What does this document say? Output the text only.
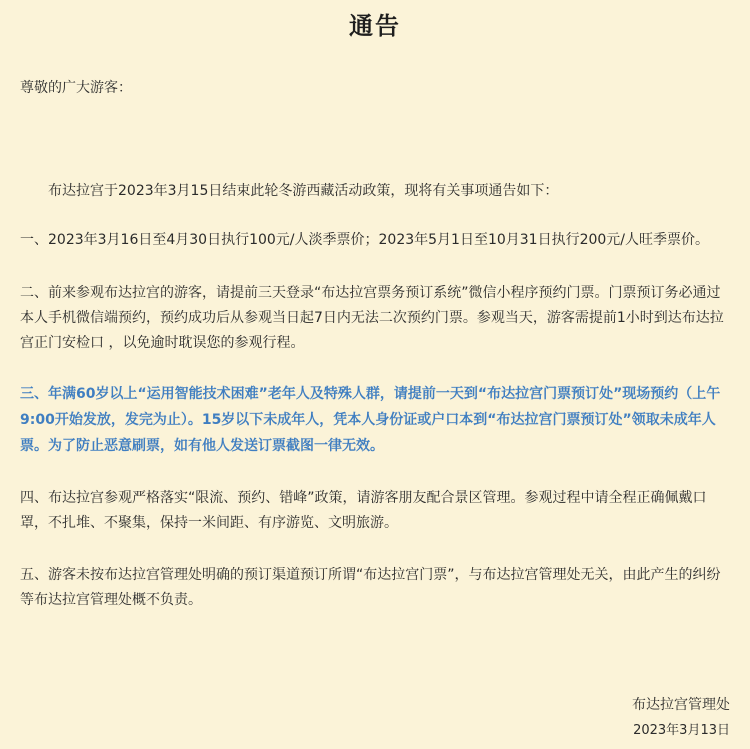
通告
尊敬的广大游客：
布达拉宫于2023年3月15日结束此轮冬游西藏活动政策，现将有关事项通告如下：

一、2023年3月16日至4月30日执行100元/人淡季票价；2023年5月1日至10月31日执行200元/人旺季票价。

二、前来参观布达拉宫的游客，请提前三天登录“布达拉宫票务预订系统”微信小程序预约门票。门票预订务必通过本人手机微信端预约，预约成功后从参观当日起7日内无法二次预约门票。参观当天，游客需提前1小时到达布达拉宫正门安检口 ，以免逾时耽误您的参观行程。

三、年满60岁以上“运用智能技术困难”老年人及特殊人群，请提前一天到“布达拉宫门票预订处”现场预约（上午9:00开始发放，发完为止）。15岁以下未成年人，凭本人身份证或户口本到“布达拉宫门票预订处”领取未成年人票。为了防止恶意刷票，如有他人发送订票截图一律无效。

四、布达拉宫参观严格落实“限流、预约、错峰”政策，请游客朋友配合景区管理。参观过程中请全程正确佩戴口罩，不扎堆、不聚集，保持一米间距、有序游览、文明旅游。

五、游客未按布达拉宫管理处明确的预订渠道预订所谓“布达拉宫门票”，与布达拉宫管理处无关，由此产生的纠纷等布达拉宫管理处概不负责。

布达拉宫管理处
2023年3月13日
